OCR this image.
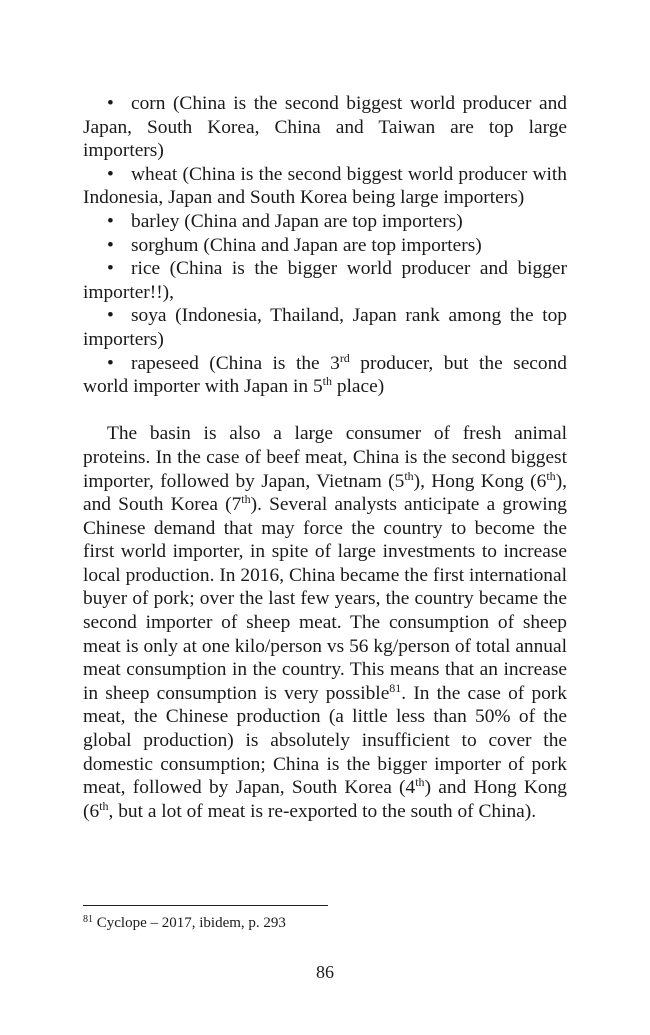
• corn (China is the second biggest world producer and Japan, South Korea, China and Taiwan are top large importers)
• wheat (China is the second biggest world producer with Indonesia, Japan and South Korea being large importers)
• barley (China and Japan are top importers)
• sorghum (China and Japan are top importers)
• rice (China is the bigger world producer and bigger importer!!),
• soya (Indonesia, Thailand, Japan rank among the top importers)
• rapeseed (China is the 3rd producer, but the second world importer with Japan in 5th place)

The basin is also a large consumer of fresh animal proteins. In the case of beef meat, China is the second biggest importer, followed by Japan, Vietnam (5th), Hong Kong (6th), and South Korea (7th). Several analysts anticipate a growing Chinese demand that may force the country to become the first world importer, in spite of large investments to increase local production. In 2016, China became the first international buyer of pork; over the last few years, the country became the second importer of sheep meat. The consumption of sheep meat is only at one kilo/person vs 56 kg/person of total annual meat consumption in the country. This means that an increase in sheep consumption is very possible$^{81}$. In the case of pork meat, the Chinese production (a little less than 50% of the global production) is absolutely insufficient to cover the domestic consumption; China is the bigger importer of pork meat, followed by Japan, South Korea (4th) and Hong Kong (6th, but a lot of meat is re-exported to the south of China).

$^{81}$ Cyclope – 2017, ibidem, p. 293
86
